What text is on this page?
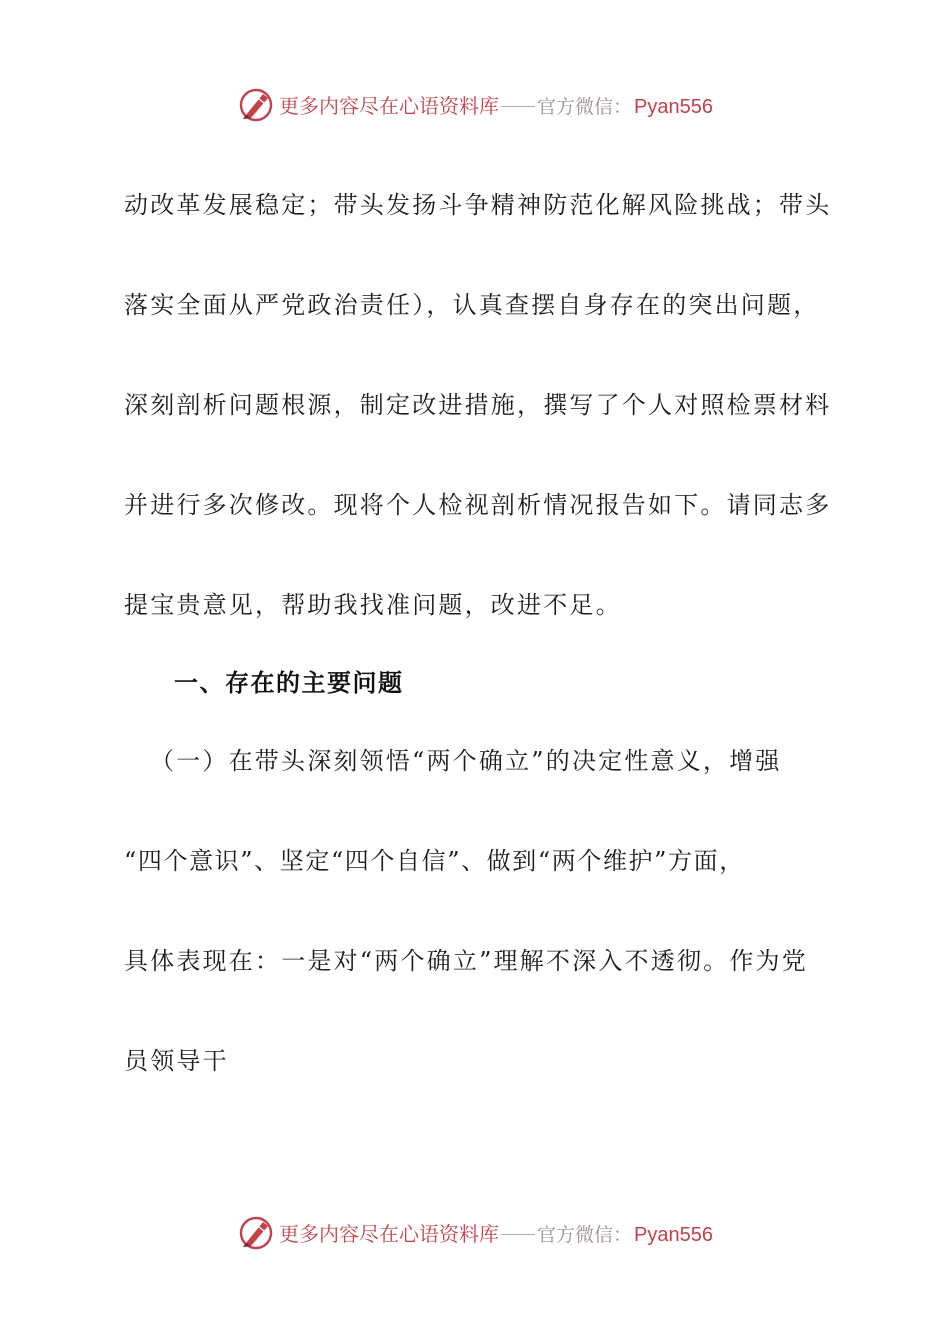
更多内容尽在心语资料库 官方微信： Pyan556
动改革发展稳定；带头发扬斗争精神防范化解风险挑战；带头
落实全面从严党政治责任），认真查摆自身存在的突出问题，
深刻剖析问题根源，制定改进措施，撰写了个人对照检票材料
并进行多次修改。现将个人检视剖析情况报告如下。请同志多
提宝贵意见，帮助我找准问题，改进不足。
一、存在的主要问题
（一）在带头深刻领悟“两个确立”的决定性意义，增强
“四个意识”、坚定“四个自信”、做到“两个维护”方面，
具体表现在：一是对“两个确立”理解不深入不透彻。作为党
员领导干
更多内容尽在心语资料库 官方微信： Pyan556
